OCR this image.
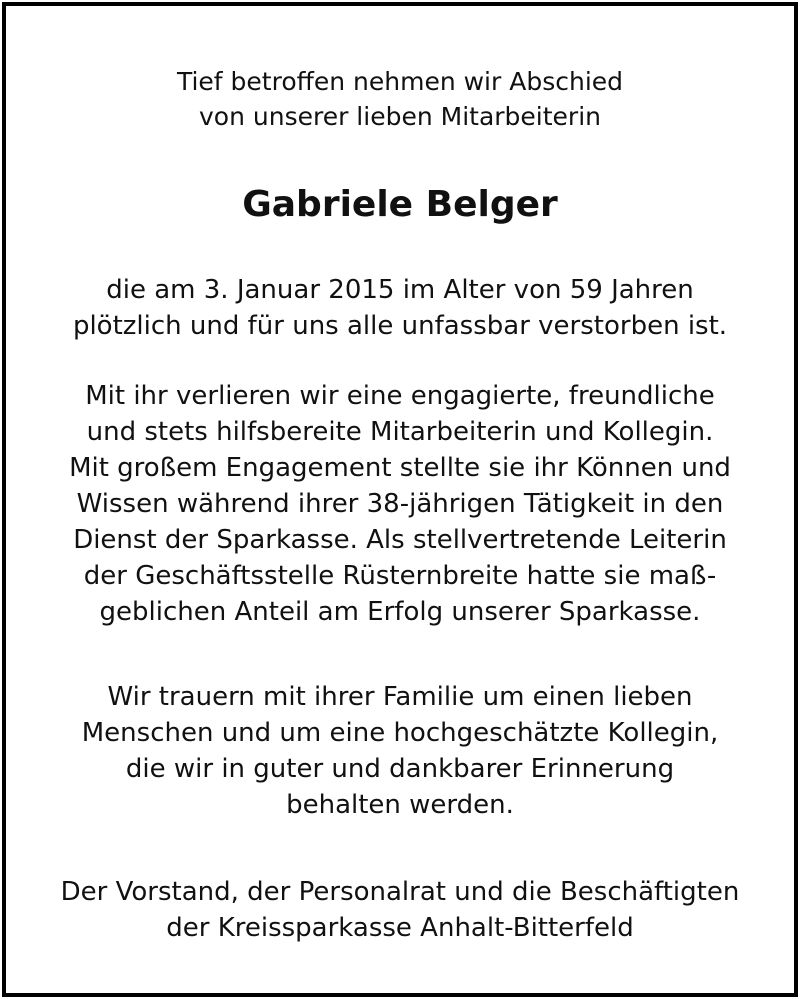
Tief betroffen nehmen wir Abschied
von unserer lieben Mitarbeiterin

Gabriele Belger

die am 3. Januar 2015 im Alter von 59 Jahren
plötzlich und für uns alle unfassbar verstorben ist.

Mit ihr verlieren wir eine engagierte, freundliche
und stets hilfsbereite Mitarbeiterin und Kollegin.
Mit großem Engagement stellte sie ihr Können und
Wissen während ihrer 38-jährigen Tätigkeit in den
Dienst der Sparkasse. Als stellvertretende Leiterin
der Geschäftsstelle Rüsternbreite hatte sie maß-
geblichen Anteil am Erfolg unserer Sparkasse.

Wir trauern mit ihrer Familie um einen lieben
Menschen und um eine hochgeschätzte Kollegin,
die wir in guter und dankbarer Erinnerung
behalten werden.

Der Vorstand, der Personalrat und die Beschäftigten
der Kreissparkasse Anhalt-Bitterfeld
